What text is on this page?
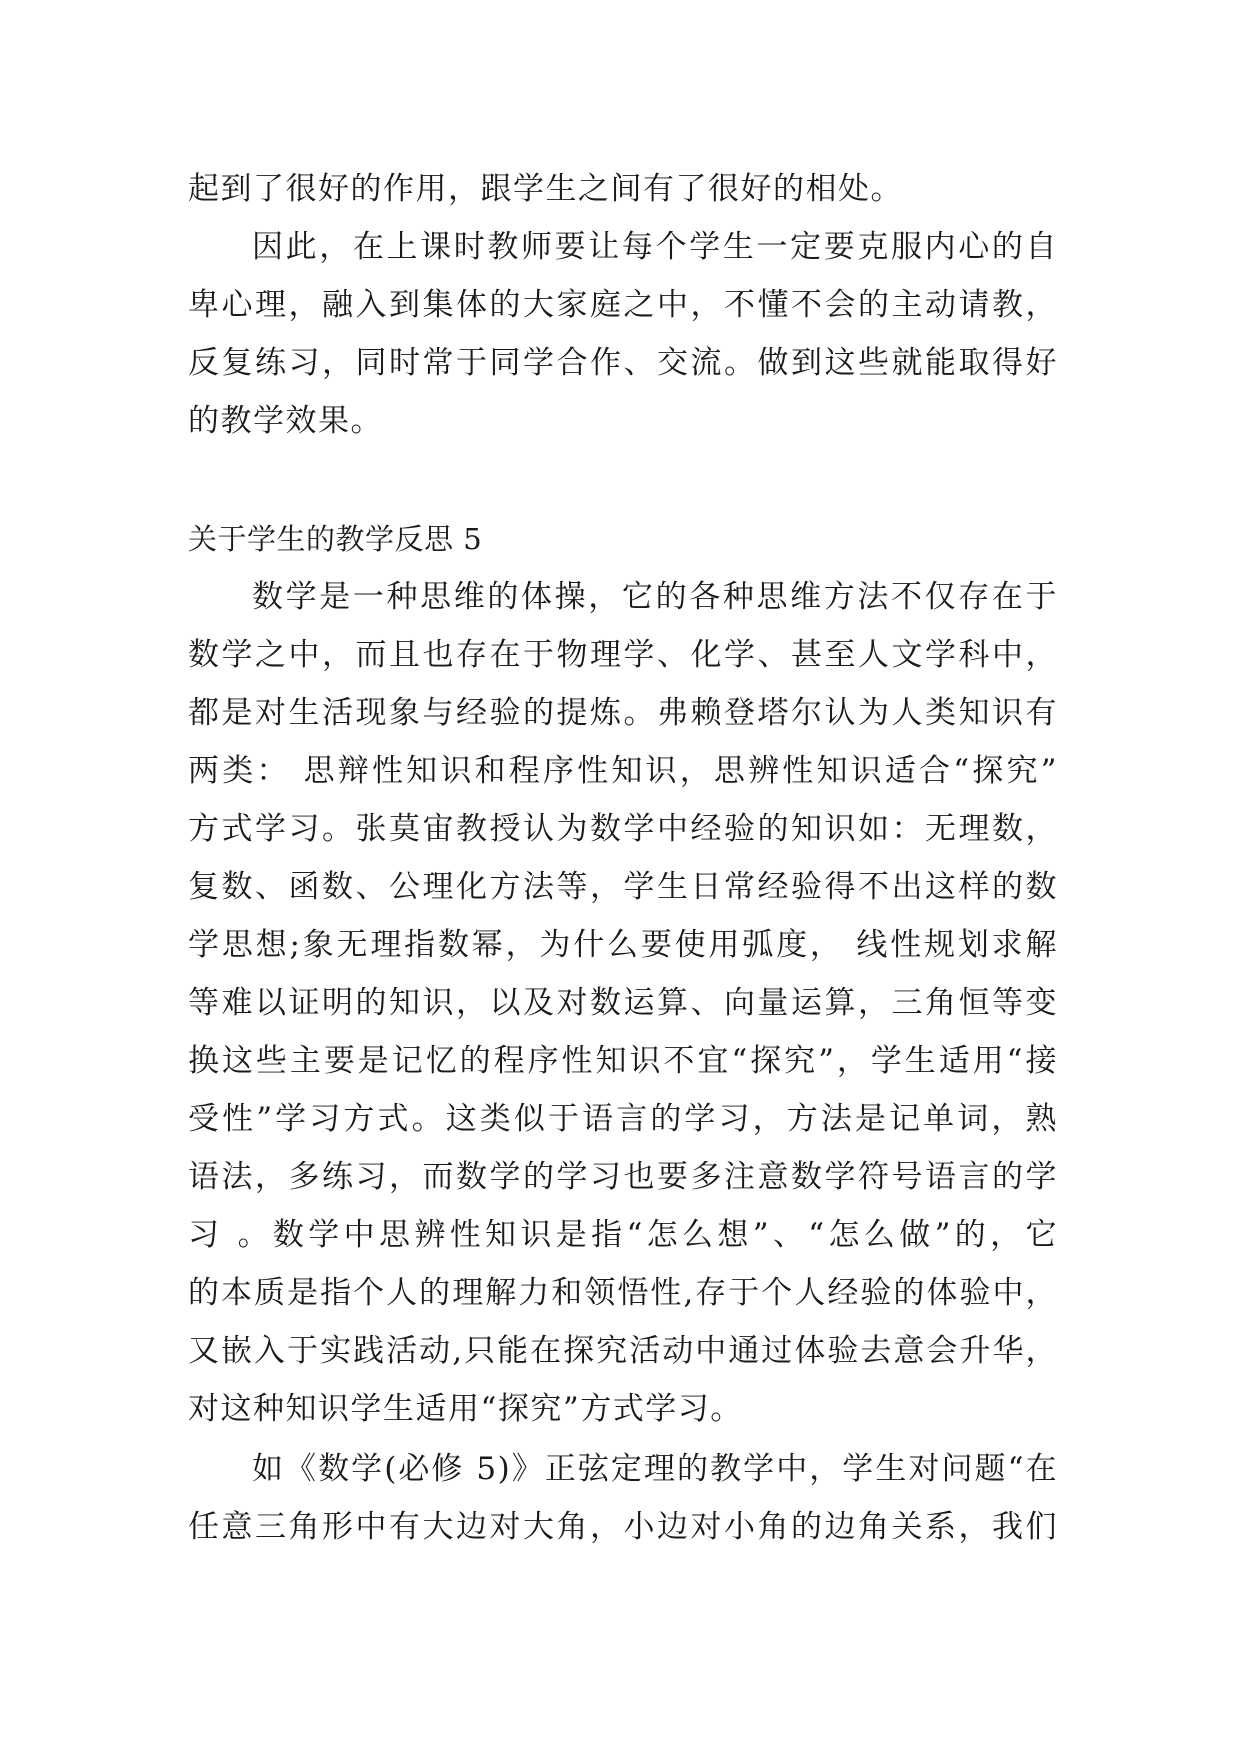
起到了很好的作用，跟学生之间有了很好的相处。
因此，在上课时教师要让每个学生一定要克服内心的自
卑心理，融入到集体的大家庭之中，不懂不会的主动请教，
反复练习，同时常于同学合作、交流。做到这些就能取得好
的教学效果。
关于学生的教学反思 5
数学是一种思维的体操，它的各种思维方法不仅存在于
数学之中，而且也存在于物理学、化学、甚至人文学科中，
都是对生活现象与经验的提炼。弗赖登塔尔认为人类知识有
两类： 思辩性知识和程序性知识，思辨性知识适合“探究”
方式学习。张莫宙教授认为数学中经验的知识如：无理数，
复数、函数、公理化方法等，学生日常经验得不出这样的数
学思想;象无理指数幂，为什么要使用弧度， 线性规划求解
等难以证明的知识，以及对数运算、向量运算，三角恒等变
换这些主要是记忆的程序性知识不宜“探究”，学生适用“接
受性”学习方式。这类似于语言的学习，方法是记单词，熟
语法，多练习，而数学的学习也要多注意数学符号语言的学
习 。数学中思辨性知识是指“怎么想”、“怎么做”的，它
的本质是指个人的理解力和领悟性,存于个人经验的体验中，
又嵌入于实践活动,只能在探究活动中通过体验去意会升华，
对这种知识学生适用“探究”方式学习。
如《数学(必修 5)》正弦定理的教学中，学生对问题“在
任意三角形中有大边对大角，小边对小角的边角关系，我们
